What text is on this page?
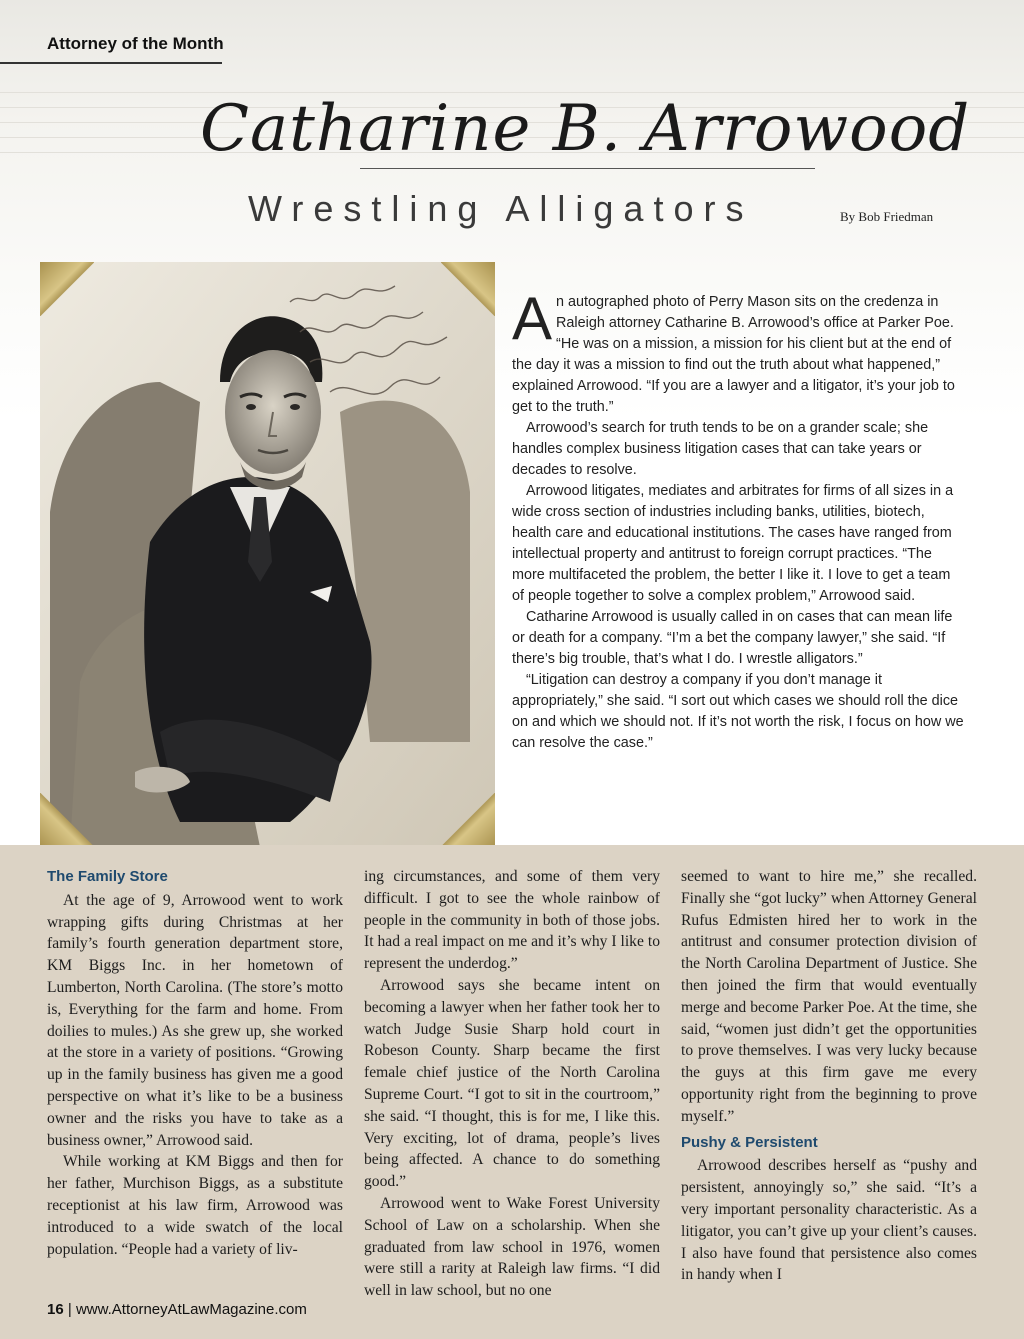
Attorney of the Month
Catharine B. Arrowood
Wrestling Alligators	By Bob Friedman

An autographed photo of Perry Mason sits on the credenza in Raleigh attorney Catharine B. Arrowood’s office at Parker Poe. “He was on a mission, a mission for his client but at the end of the day it was a mission to find out the truth about what happened,” explained Arrowood. “If you are a lawyer and a litigator, it’s your job to get to the truth.”

Arrowood’s search for truth tends to be on a grander scale; she handles complex business litigation cases that can take years or decades to resolve.

Arrowood litigates, mediates and arbitrates for firms of all sizes in a wide cross section of industries including banks, utilities, biotech, health care and educational institutions. The cases have ranged from intellectual property and antitrust to foreign corrupt practices. “The more multifaceted the problem, the better I like it. I love to get a team of people together to solve a complex problem,” Arrowood said.

Catharine Arrowood is usually called in on cases that can mean life or death for a company. “I’m a bet the company lawyer,” she said. “If there’s big trouble, that’s what I do. I wrestle alligators.”

“Litigation can destroy a company if you don’t manage it appropriately,” she said. “I sort out which cases we should roll the dice on and which we should not. If it’s not worth the risk, I focus on how we can resolve the case.”

The Family Store

At the age of 9, Arrowood went to work wrapping gifts during Christmas at her family’s fourth generation department store, KM Biggs Inc. in her hometown of Lumberton, North Carolina. (The store’s motto is, Everything for the farm and home. From doilies to mules.) As she grew up, she worked at the store in a variety of positions. “Growing up in the family business has given me a good perspective on what it’s like to be a business owner and the risks you have to take as a business owner,” Arrowood said.

While working at KM Biggs and then for her father, Murchison Biggs, as a substitute receptionist at his law firm, Arrowood was introduced to a wide swatch of the local population. “People had a variety of liv-

ing circumstances, and some of them very difficult. I got to see the whole rainbow of people in the community in both of those jobs. It had a real impact on me and it’s why I like to represent the underdog.”

Arrowood says she became intent on becoming a lawyer when her father took her to watch Judge Susie Sharp hold court in Robeson County. Sharp became the first female chief justice of the North Carolina Supreme Court. “I got to sit in the courtroom,” she said. “I thought, this is for me, I like this. Very exciting, lot of drama, people’s lives being affected. A chance to do something good.”

Arrowood went to Wake Forest University School of Law on a scholarship. When she graduated from law school in 1976, women were still a rarity at Raleigh law firms. “I did well in law school, but no one

seemed to want to hire me,” she recalled. Finally she “got lucky” when Attorney General Rufus Edmisten hired her to work in the antitrust and consumer protection division of the North Carolina Department of Justice. She then joined the firm that would eventually merge and become Parker Poe. At the time, she said, “women just didn’t get the opportunities to prove themselves. I was very lucky because the guys at this firm gave me every opportunity right from the beginning to prove myself.”

Pushy & Persistent

Arrowood describes herself as “pushy and persistent, annoyingly so,” she said. “It’s a very important personality characteristic. As a litigator, you can’t give up your client’s causes. I also have found that persistence also comes in handy when I

16 | www.AttorneyAtLawMagazine.com
